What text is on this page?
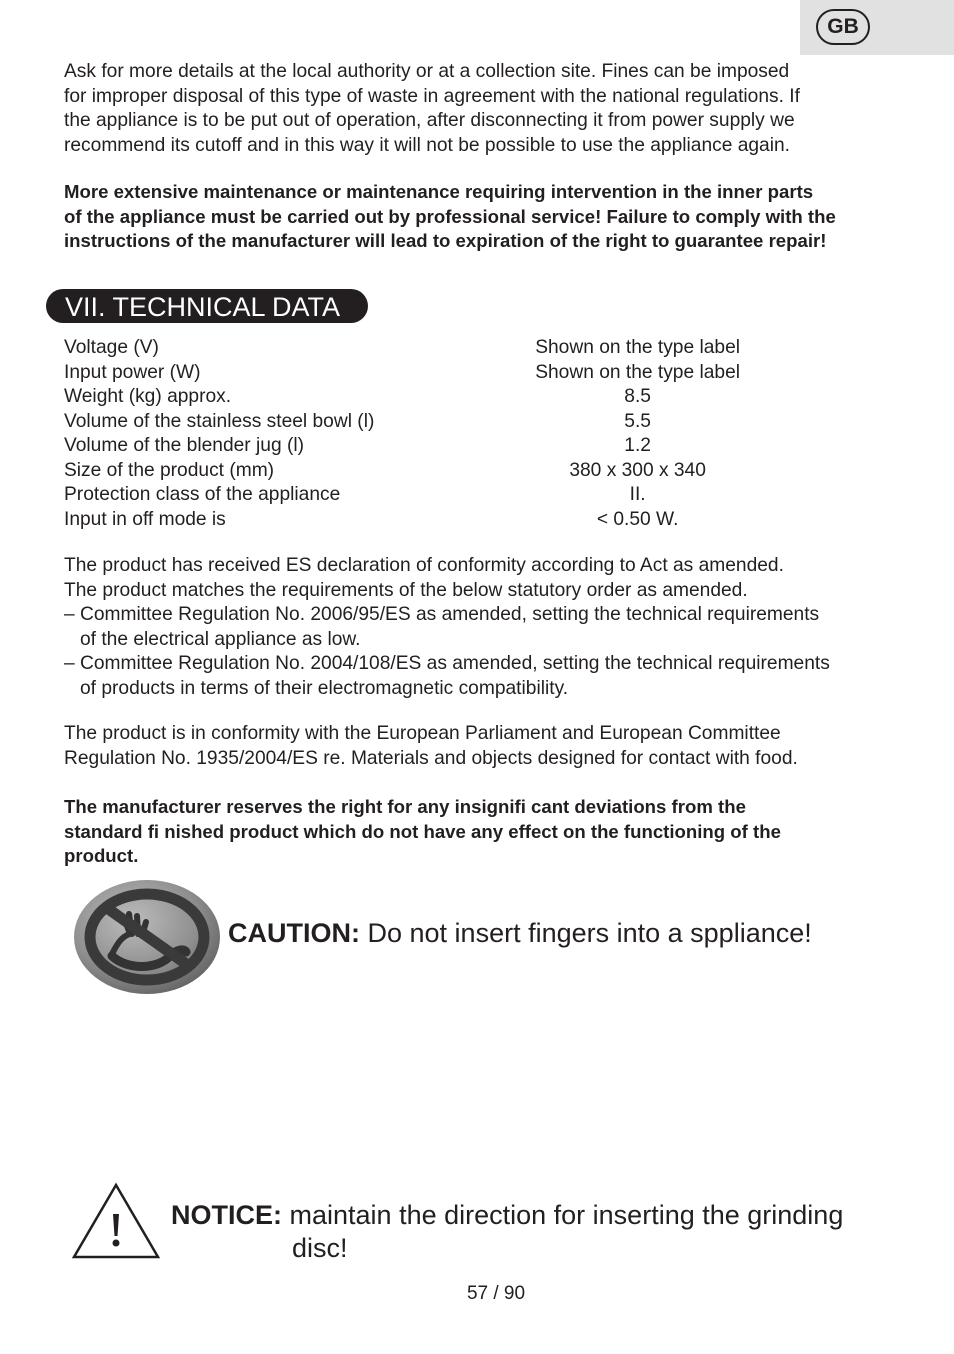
GB

Ask for more details at the local authority or at a collection site. Fines can be imposed
for improper disposal of this type of waste in agreement with the national regulations. If
the appliance is to be put out of operation, after disconnecting it from power supply we
recommend its cutoff and in this way it will not be possible to use the appliance again.

More extensive maintenance or maintenance requiring intervention in the inner parts
of the appliance must be carried out by professional service! Failure to comply with the
instructions of the manufacturer will lead to expiration of the right to guarantee repair!

VII. TECHNICAL DATA
Voltage (V)	Shown on the type label
Input power (W)	Shown on the type label
Weight (kg) approx.	8.5
Volume of the stainless steel bowl (l)	5.5
Volume of the blender jug (l)	1.2
Size of the product (mm)	380 x 300 x 340
Protection class of the appliance	II.
Input in off mode is	< 0.50 W.

The product has received ES declaration of conformity according to Act as amended.
The product matches the requirements of the below statutory order as amended.
– Committee Regulation No. 2006/95/ES as amended, setting the technical requirements
of the electrical appliance as low.
– Committee Regulation No. 2004/108/ES as amended, setting the technical requirements
of products in terms of their electromagnetic compatibility.

The product is in conformity with the European Parliament and European Committee
Regulation No. 1935/2004/ES re. Materials and objects designed for contact with food.

The manufacturer reserves the right for any insignifi cant deviations from the
standard fi nished product which do not have any effect on the functioning of the
product.

CAUTION: Do not insert fingers into a sppliance!
NOTICE: maintain the direction for inserting the grinding
disc!
57 / 90
